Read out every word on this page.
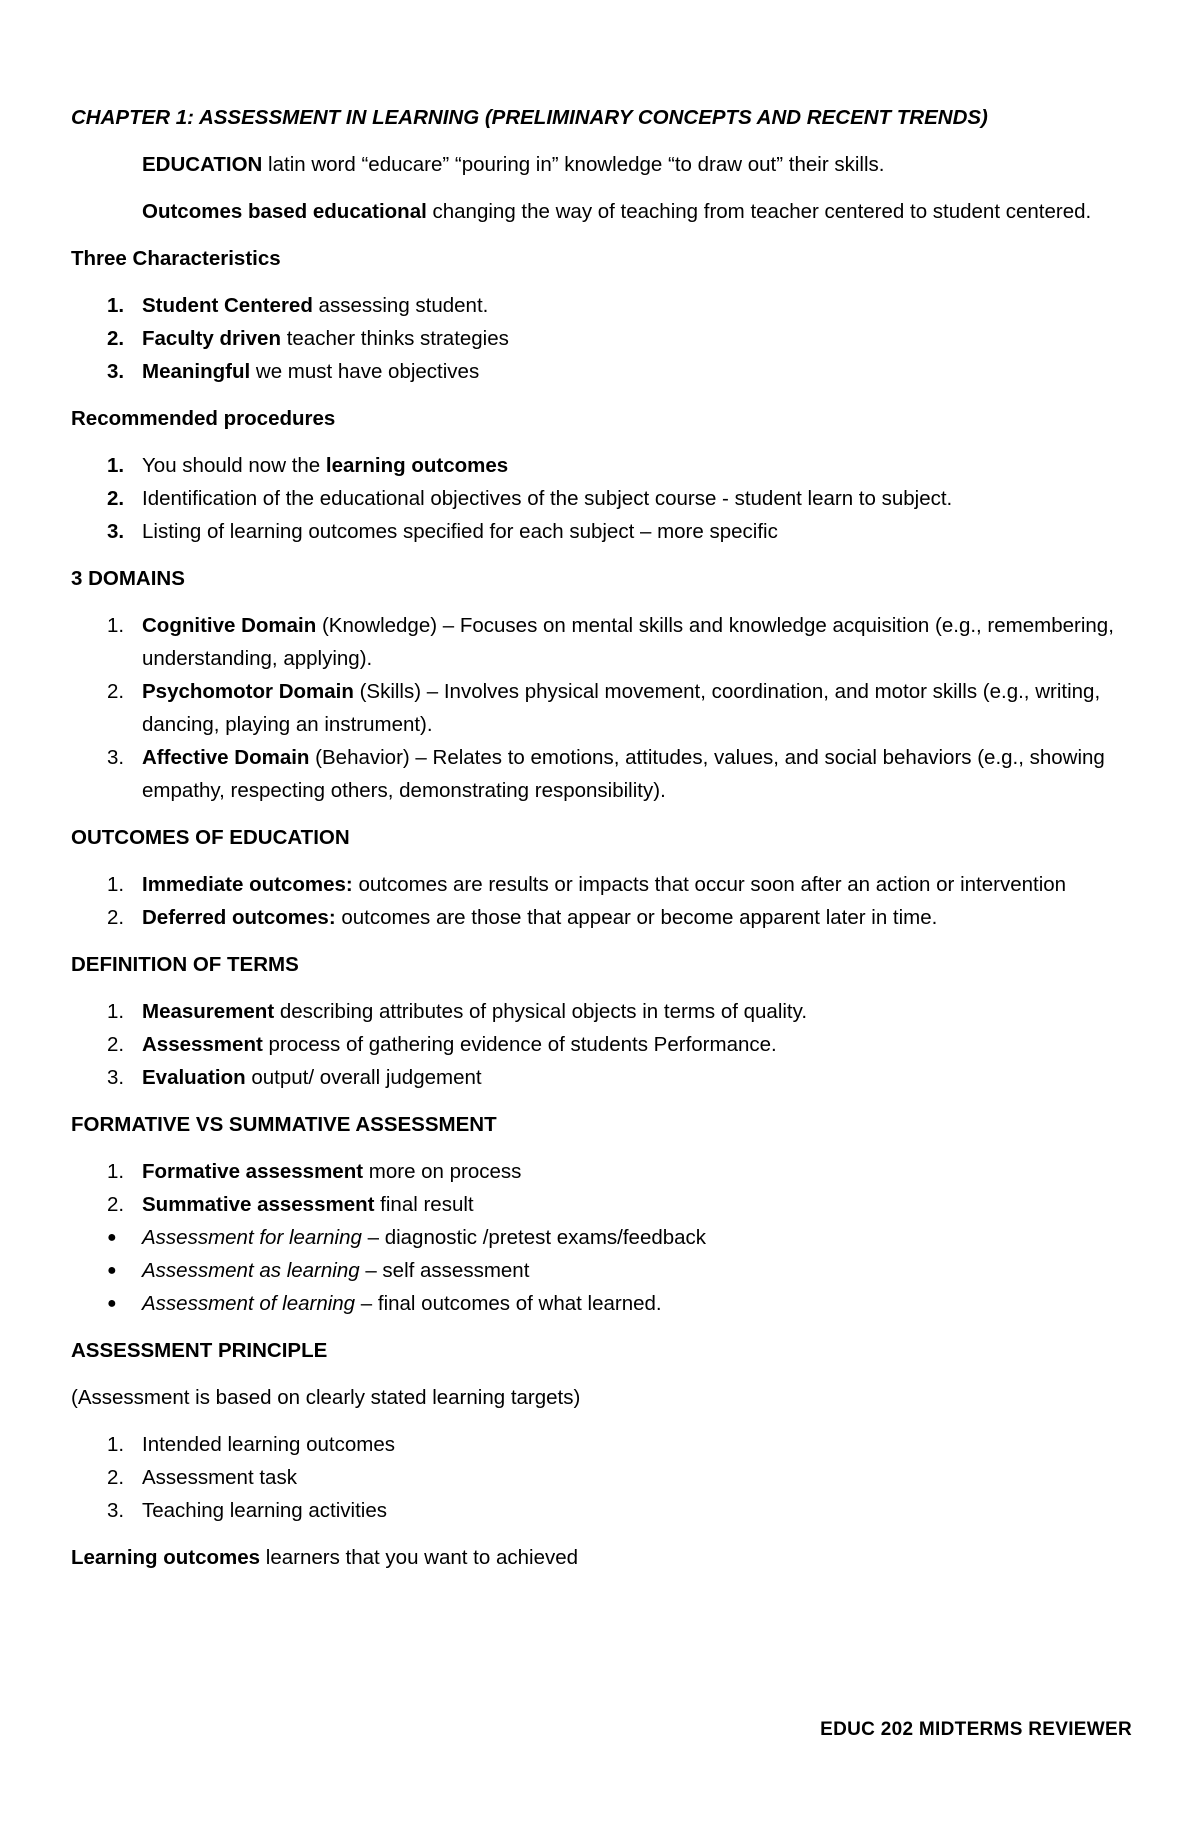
CHAPTER 1: ASSESSMENT IN LEARNING (PRELIMINARY CONCEPTS AND RECENT TRENDS)

EDUCATION latin word “educare” “pouring in” knowledge “to draw out” their skills.

Outcomes based educational changing the way of teaching from teacher centered to student centered.

Three Characteristics

1. Student Centered assessing student.
2. Faculty driven teacher thinks strategies
3. Meaningful we must have objectives

Recommended procedures

1. You should now the learning outcomes
2. Identification of the educational objectives of the subject course - student learn to subject.
3. Listing of learning outcomes specified for each subject – more specific

3 DOMAINS

1. Cognitive Domain (Knowledge) – Focuses on mental skills and knowledge acquisition (e.g., remembering, understanding, applying).
2. Psychomotor Domain (Skills) – Involves physical movement, coordination, and motor skills (e.g., writing, dancing, playing an instrument).
3. Affective Domain (Behavior) – Relates to emotions, attitudes, values, and social behaviors (e.g., showing empathy, respecting others, demonstrating responsibility).

OUTCOMES OF EDUCATION

1. Immediate outcomes: outcomes are results or impacts that occur soon after an action or intervention
2. Deferred outcomes: outcomes are those that appear or become apparent later in time.

DEFINITION OF TERMS

1. Measurement describing attributes of physical objects in terms of quality.
2. Assessment process of gathering evidence of students Performance.
3. Evaluation output/ overall judgement

FORMATIVE VS SUMMATIVE ASSESSMENT

1. Formative assessment more on process
2. Summative assessment final result
●	Assessment for learning – diagnostic /pretest exams/feedback
●	Assessment as learning – self assessment
●	Assessment of learning – final outcomes of what learned.

ASSESSMENT PRINCIPLE

(Assessment is based on clearly stated learning targets)

1. Intended learning outcomes
2. Assessment task
3. Teaching learning activities

Learning outcomes learners that you want to achieved

EDUC 202 MIDTERMS REVIEWER
